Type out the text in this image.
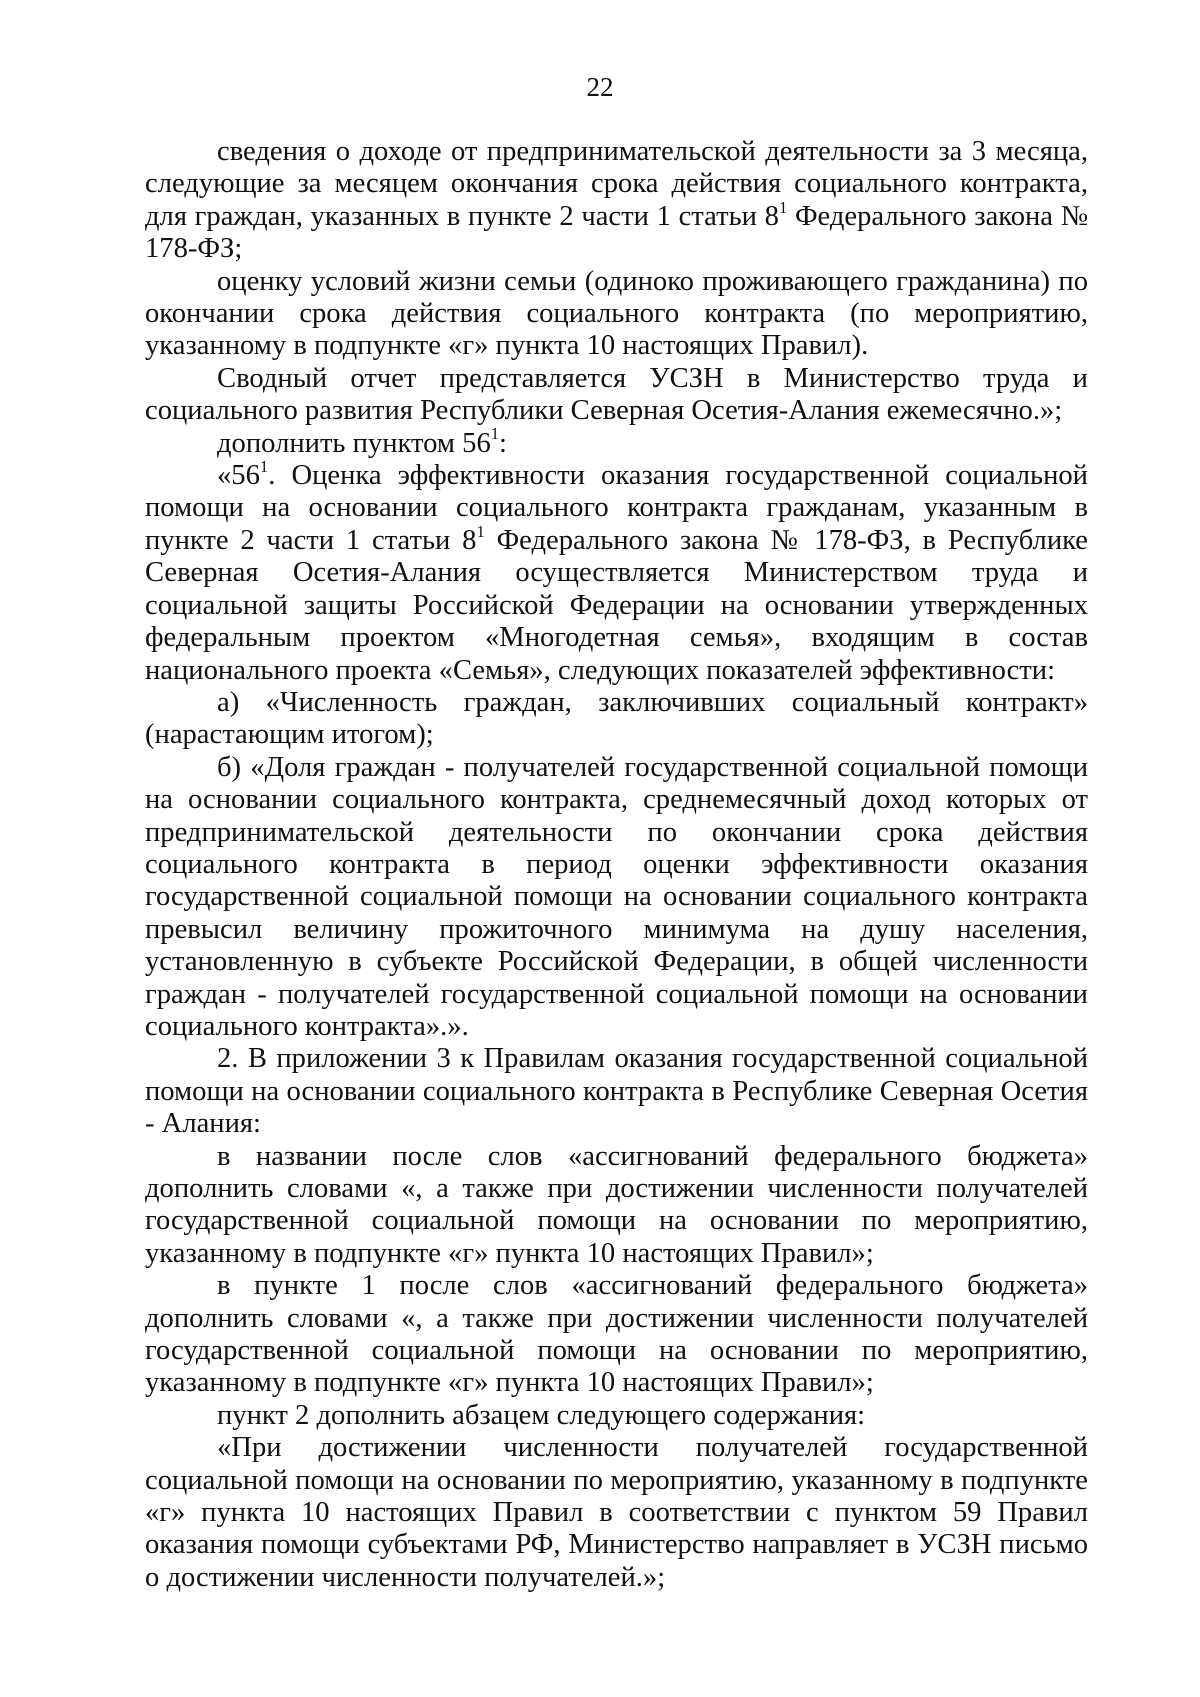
22

сведения о доходе от предпринимательской деятельности за 3 месяца, следующие за месяцем окончания срока действия социального контракта, для граждан, указанных в пункте 2 части 1 статьи $8^1$ Федерального закона № 178-ФЗ;

оценку условий жизни семьи (одиноко проживающего гражданина) по окончании срока действия социального контракта (по мероприятию, указанному в подпункте «г» пункта 10 настоящих Правил).

Сводный отчет представляется УСЗН в Министерство труда и социального развития Республики Северная Осетия-Алания ежемесячно.»;

дополнить пунктом $56^1$:

«$56^1$. Оценка эффективности оказания государственной социальной помощи на основании социального контракта гражданам, указанным в пункте 2 части 1 статьи $8^1$ Федерального закона № 178-ФЗ, в Республике Северная Осетия-Алания осуществляется Министерством труда и социальной защиты Российской Федерации на основании утвержденных федеральным проектом «Многодетная семья», входящим в состав национального проекта «Семья», следующих показателей эффективности:

а) «Численность граждан, заключивших социальный контракт» (нарастающим итогом);

б) «Доля граждан - получателей государственной социальной помощи на основании социального контракта, среднемесячный доход которых от предпринимательской деятельности по окончании срока действия социального контракта в период оценки эффективности оказания государственной социальной помощи на основании социального контракта превысил величину прожиточного минимума на душу населения, установленную в субъекте Российской Федерации, в общей численности граждан - получателей государственной социальной помощи на основании социального контракта».».

2. В приложении 3 к Правилам оказания государственной социальной помощи на основании социального контракта в Республике Северная Осетия - Алания:

в названии после слов «ассигнований федерального бюджета» дополнить словами «, а также при достижении численности получателей государственной социальной помощи на основании по мероприятию, указанному в подпункте «г» пункта 10 настоящих Правил»;

в пункте 1 после слов «ассигнований федерального бюджета» дополнить словами «, а также при достижении численности получателей государственной социальной помощи на основании по мероприятию, указанному в подпункте «г» пункта 10 настоящих Правил»;

пункт 2 дополнить абзацем следующего содержания:

«При достижении численности получателей государственной социальной помощи на основании по мероприятию, указанному в подпункте «г» пункта 10 настоящих Правил в соответствии с пунктом 59 Правил оказания помощи субъектами РФ, Министерство направляет в УСЗН письмо о достижении численности получателей.»;
